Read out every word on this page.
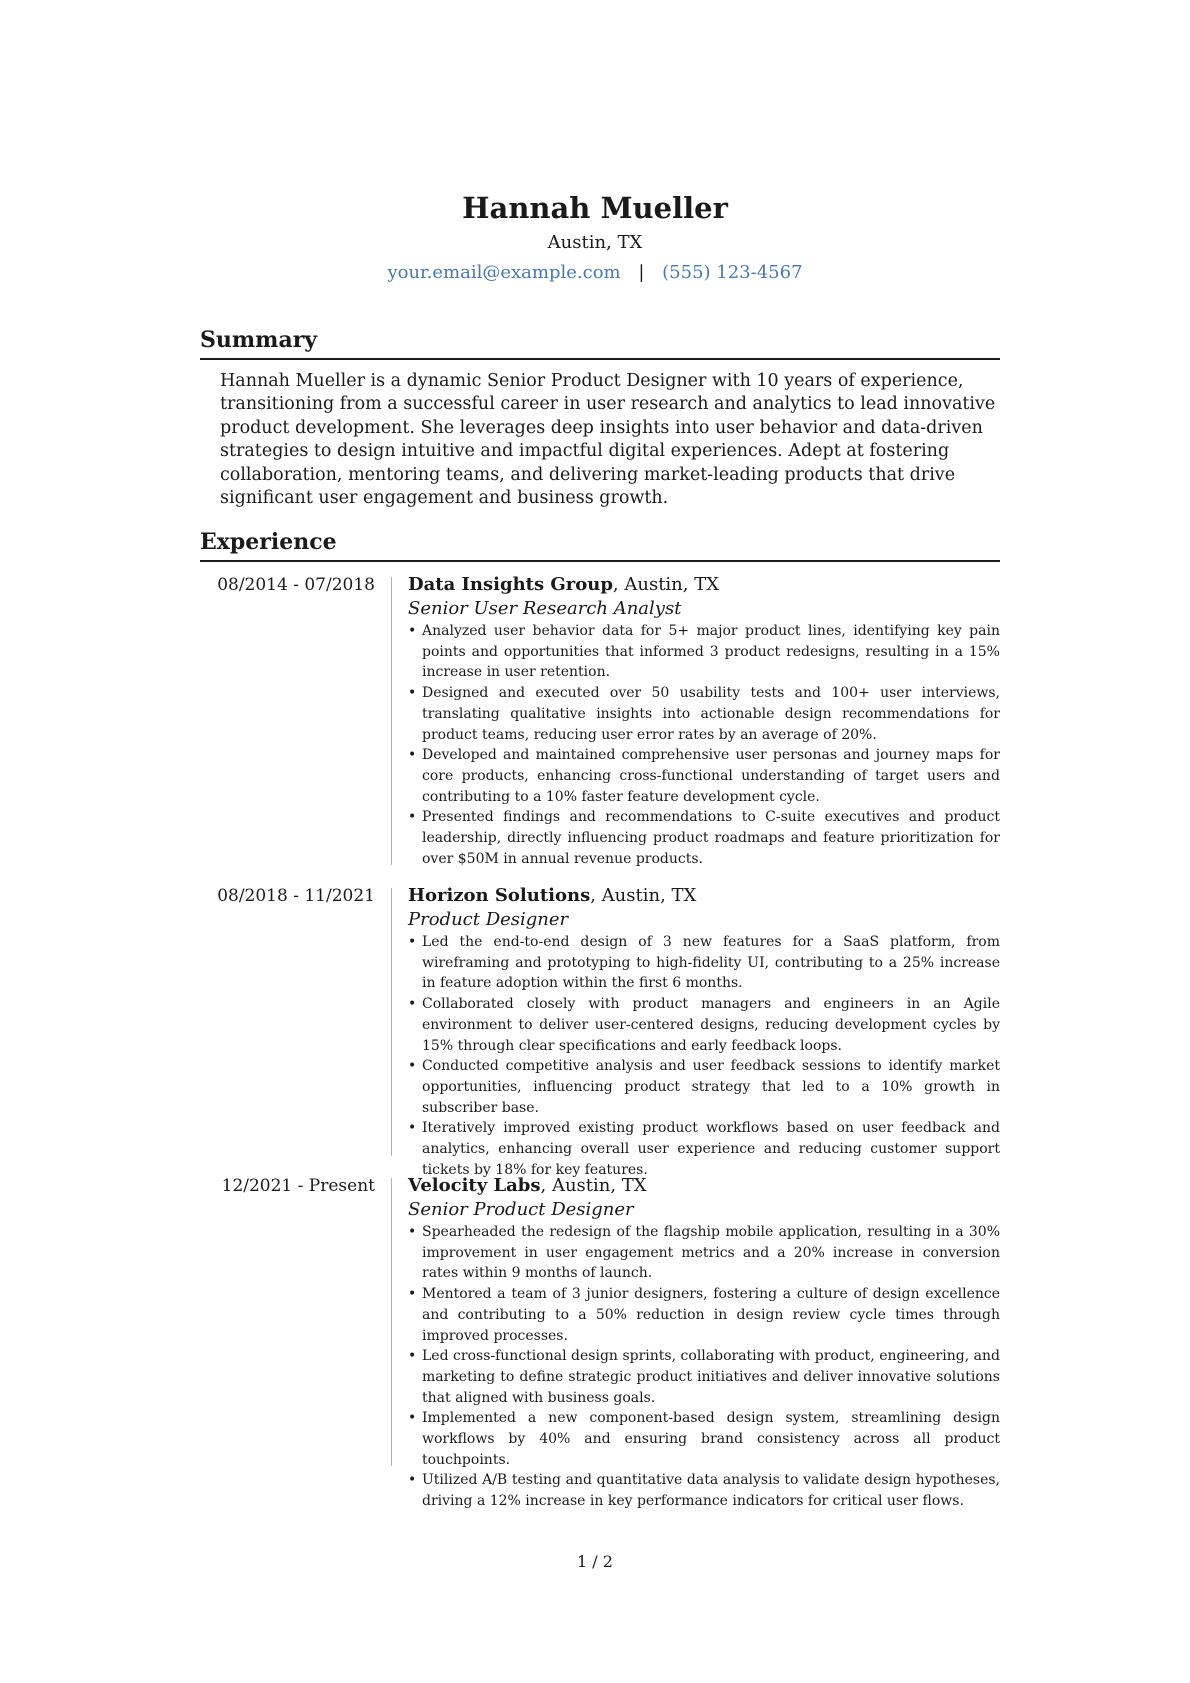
Hannah Mueller

Austin, TX

your.email@example.com | (555) 123-4567
Summary

Hannah Mueller is a dynamic Senior Product Designer with 10 years of experience, transitioning from a successful career in user research and analytics to lead innovative product development. She leverages deep insights into user behavior and data-driven strategies to design intuitive and impactful digital experiences. Adept at fostering collaboration, mentoring teams, and delivering market-leading products that drive significant user engagement and business growth.

Experience
08/2014 - 07/2018 Data Insights Group, Austin, TX
Senior User Research Analyst
• Analyzed user behavior data for 5+ major product lines, identifying key pain points and opportunities that informed 3 product redesigns, resulting in a 15% increase in user retention.
• Designed and executed over 50 usability tests and 100+ user interviews, translating qualitative insights into actionable design recommendations for product teams, reducing user error rates by an average of 20%.
• Developed and maintained comprehensive user personas and journey maps for core products, enhancing cross-functional understanding of target users and contributing to a 10% faster feature development cycle.
• Presented findings and recommendations to C-suite executives and product leadership, directly influencing product roadmaps and feature prioritization for over $50M in annual revenue products.
08/2018 - 11/2021 Horizon Solutions, Austin, TX
Product Designer
• Led the end-to-end design of 3 new features for a SaaS platform, from wireframing and prototyping to high-fidelity UI, contributing to a 25% increase in feature adoption within the first 6 months.
• Collaborated closely with product managers and engineers in an Agile environment to deliver user-centered designs, reducing development cycles by 15% through clear specifications and early feedback loops.
• Conducted competitive analysis and user feedback sessions to identify market opportunities, influencing product strategy that led to a 10% growth in subscriber base.
• Iteratively improved existing product workflows based on user feedback and analytics, enhancing overall user experience and reducing customer support tickets by 18% for key features.
12/2021 - Present Velocity Labs, Austin, TX
Senior Product Designer
• Spearheaded the redesign of the flagship mobile application, resulting in a 30% improvement in user engagement metrics and a 20% increase in conversion rates within 9 months of launch.
• Mentored a team of 3 junior designers, fostering a culture of design excellence and contributing to a 50% reduction in design review cycle times through improved processes.
• Led cross-functional design sprints, collaborating with product, engineering, and marketing to define strategic product initiatives and deliver innovative solutions that aligned with business goals.
• Implemented a new component-based design system, streamlining design workflows by 40% and ensuring brand consistency across all product touchpoints.
• Utilized A/B testing and quantitative data analysis to validate design hypotheses, driving a 12% increase in key performance indicators for critical user flows.
1 / 2
